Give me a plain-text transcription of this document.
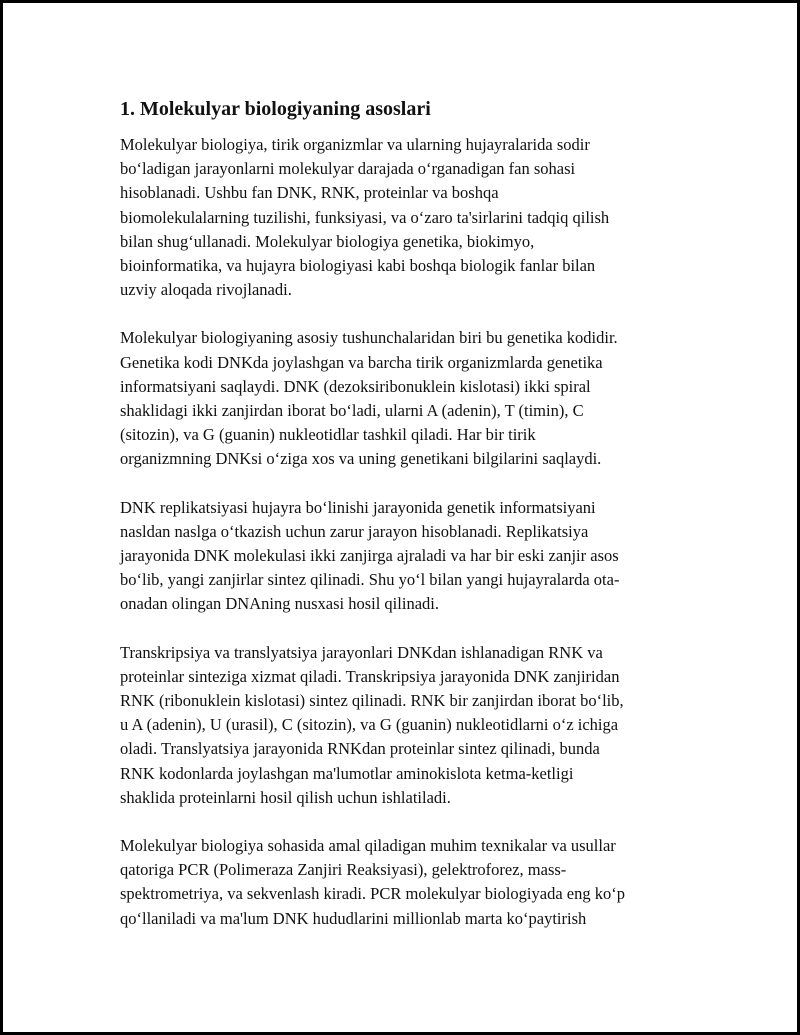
1. Molekulyar biologiyaning asoslari

Molekulyar biologiya, tirik organizmlar va ularning hujayralarida sodir
bo‘ladigan jarayonlarni molekulyar darajada o‘rganadigan fan sohasi
hisoblanadi. Ushbu fan DNK, RNK, proteinlar va boshqa
biomolekulalarning tuzilishi, funksiyasi, va o‘zaro ta'sirlarini tadqiq qilish
bilan shug‘ullanadi. Molekulyar biologiya genetika, biokimyo,
bioinformatika, va hujayra biologiyasi kabi boshqa biologik fanlar bilan
uzviy aloqada rivojlanadi.

Molekulyar biologiyaning asosiy tushunchalaridan biri bu genetika kodidir.
Genetika kodi DNKda joylashgan va barcha tirik organizmlarda genetika
informatsiyani saqlaydi. DNK (dezoksiribonuklein kislotasi) ikki spiral
shaklidagi ikki zanjirdan iborat bo‘ladi, ularni A (adenin), T (timin), C
(sitozin), va G (guanin) nukleotidlar tashkil qiladi. Har bir tirik
organizmning DNKsi o‘ziga xos va uning genetikani bilgilarini saqlaydi.

DNK replikatsiyasi hujayra bo‘linishi jarayonida genetik informatsiyani
nasldan naslga o‘tkazish uchun zarur jarayon hisoblanadi. Replikatsiya
jarayonida DNK molekulasi ikki zanjirga ajraladi va har bir eski zanjir asos
bo‘lib, yangi zanjirlar sintez qilinadi. Shu yo‘l bilan yangi hujayralarda ota-
onadan olingan DNAning nusxasi hosil qilinadi.

Transkripsiya va translyatsiya jarayonlari DNKdan ishlanadigan RNK va
proteinlar sinteziga xizmat qiladi. Transkripsiya jarayonida DNK zanjiridan
RNK (ribonuklein kislotasi) sintez qilinadi. RNK bir zanjirdan iborat bo‘lib,
u A (adenin), U (urasil), C (sitozin), va G (guanin) nukleotidlarni o‘z ichiga
oladi. Translyatsiya jarayonida RNKdan proteinlar sintez qilinadi, bunda
RNK kodonlarda joylashgan ma'lumotlar aminokislota ketma-ketligi
shaklida proteinlarni hosil qilish uchun ishlatiladi.

Molekulyar biologiya sohasida amal qiladigan muhim texnikalar va usullar
qatoriga PCR (Polimeraza Zanjiri Reaksiyasi), gelektroforez, mass-
spektrometriya, va sekvenlash kiradi. PCR molekulyar biologiyada eng ko‘p
qo‘llaniladi va ma'lum DNK hududlarini millionlab marta ko‘paytirish
